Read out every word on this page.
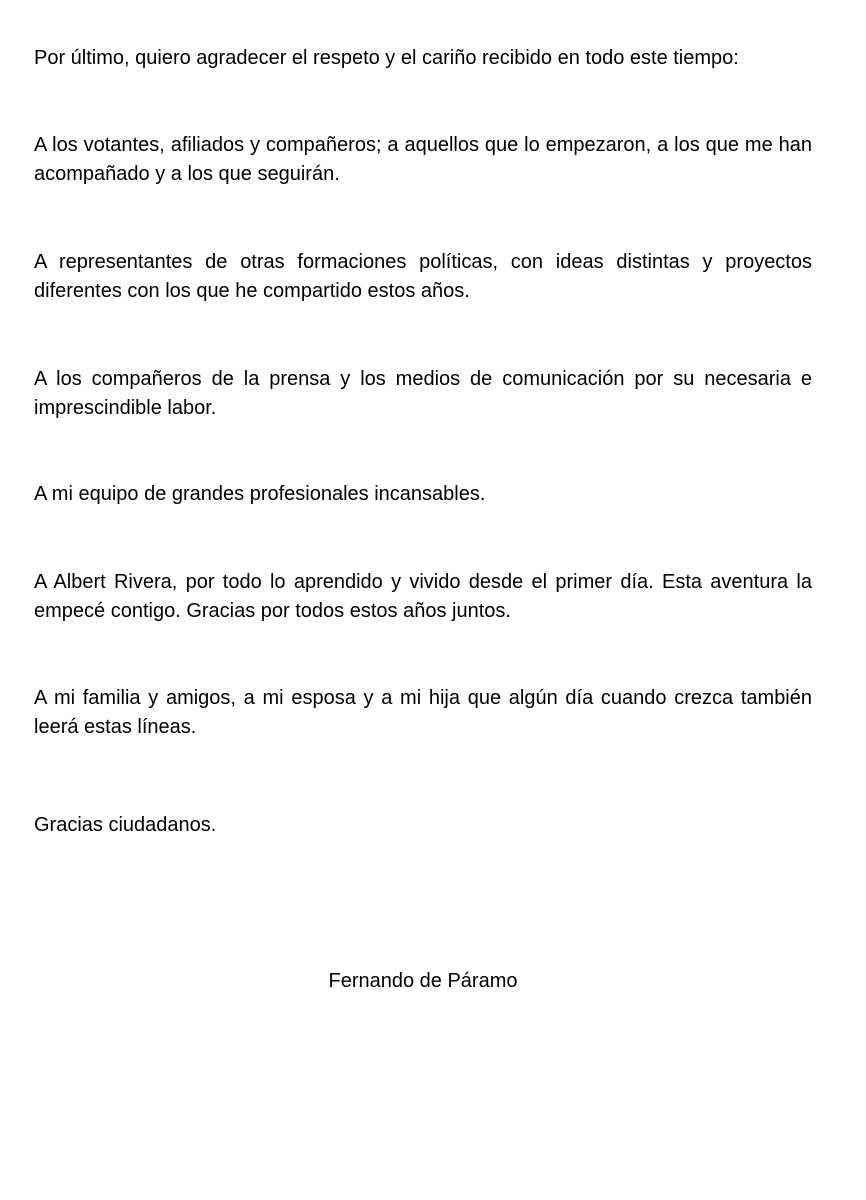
Por último, quiero agradecer el respeto y el cariño recibido en todo este tiempo:

A los votantes, afiliados y compañeros; a aquellos que lo empezaron, a los que me han acompañado y a los que seguirán.

A representantes de otras formaciones políticas, con ideas distintas y proyectos diferentes con los que he compartido estos años.

A los compañeros de la prensa y los medios de comunicación por su necesaria e imprescindible labor.

A mi equipo de grandes profesionales incansables.

A Albert Rivera, por todo lo aprendido y vivido desde el primer día. Esta aventura la empecé contigo. Gracias por todos estos años juntos.

A mi familia y amigos, a mi esposa y a mi hija que algún día cuando crezca también leerá estas líneas.

Gracias ciudadanos.

Fernando de Páramo
